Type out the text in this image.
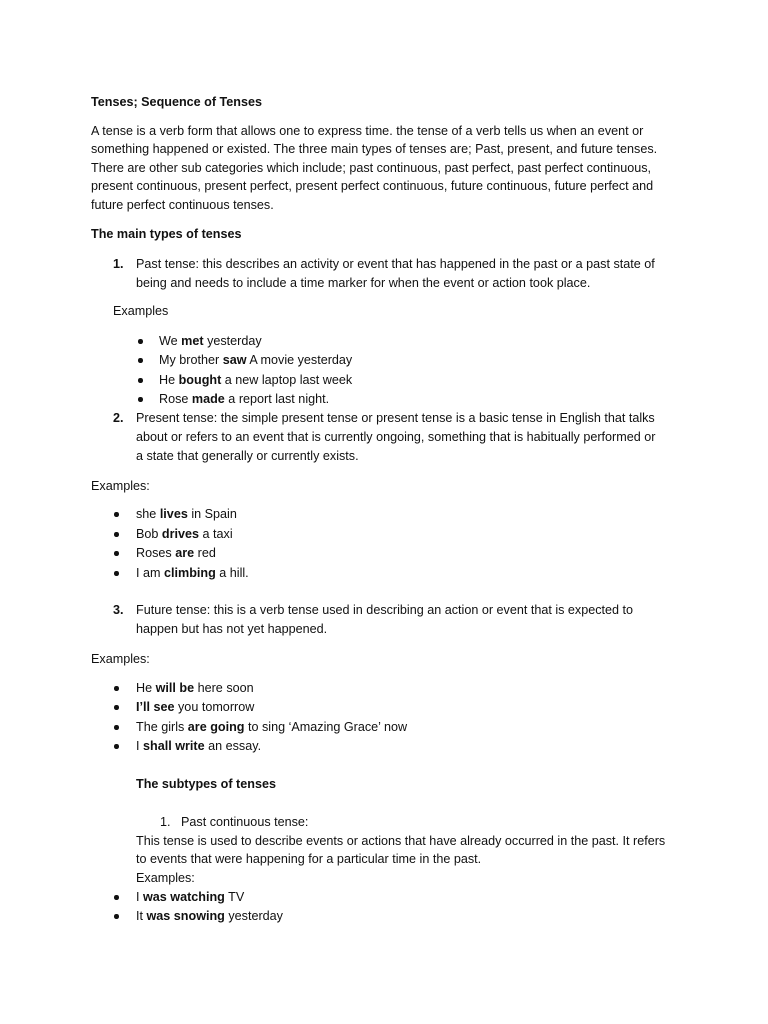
Tenses; Sequence of Tenses

A tense is a verb form that allows one to express time. the tense of a verb tells us when an event or

something happened or existed. The three main types of tenses are; Past, present, and future tenses.

There are other sub categories which include; past continuous, past perfect, past perfect continuous,

present continuous, present perfect, present perfect continuous, future continuous, future perfect and

future perfect continuous tenses.

The main types of tenses

1. Past tense: this describes an activity or event that has happened in the past or a past state of

being and needs to include a time marker for when the event or action took place.

Examples

We met yesterday

My brother saw A movie yesterday

He bought a new laptop last week

Rose made a report last night.

2. Present tense: the simple present tense or present tense is a basic tense in English that talks

about or refers to an event that is currently ongoing, something that is habitually performed or

a state that generally or currently exists.

Examples:

she lives in Spain

Bob drives a taxi

Roses are red

I am climbing a hill.

3. Future tense: this is a verb tense used in describing an action or event that is expected to

happen but has not yet happened.

Examples:

He will be here soon

I’ll see you tomorrow

The girls are going to sing ‘Amazing Grace’ now

I shall write an essay.

The subtypes of tenses

1. Past continuous tense:

This tense is used to describe events or actions that have already occurred in the past. It refers

to events that were happening for a particular time in the past.

Examples:

I was watching TV

It was snowing yesterday
